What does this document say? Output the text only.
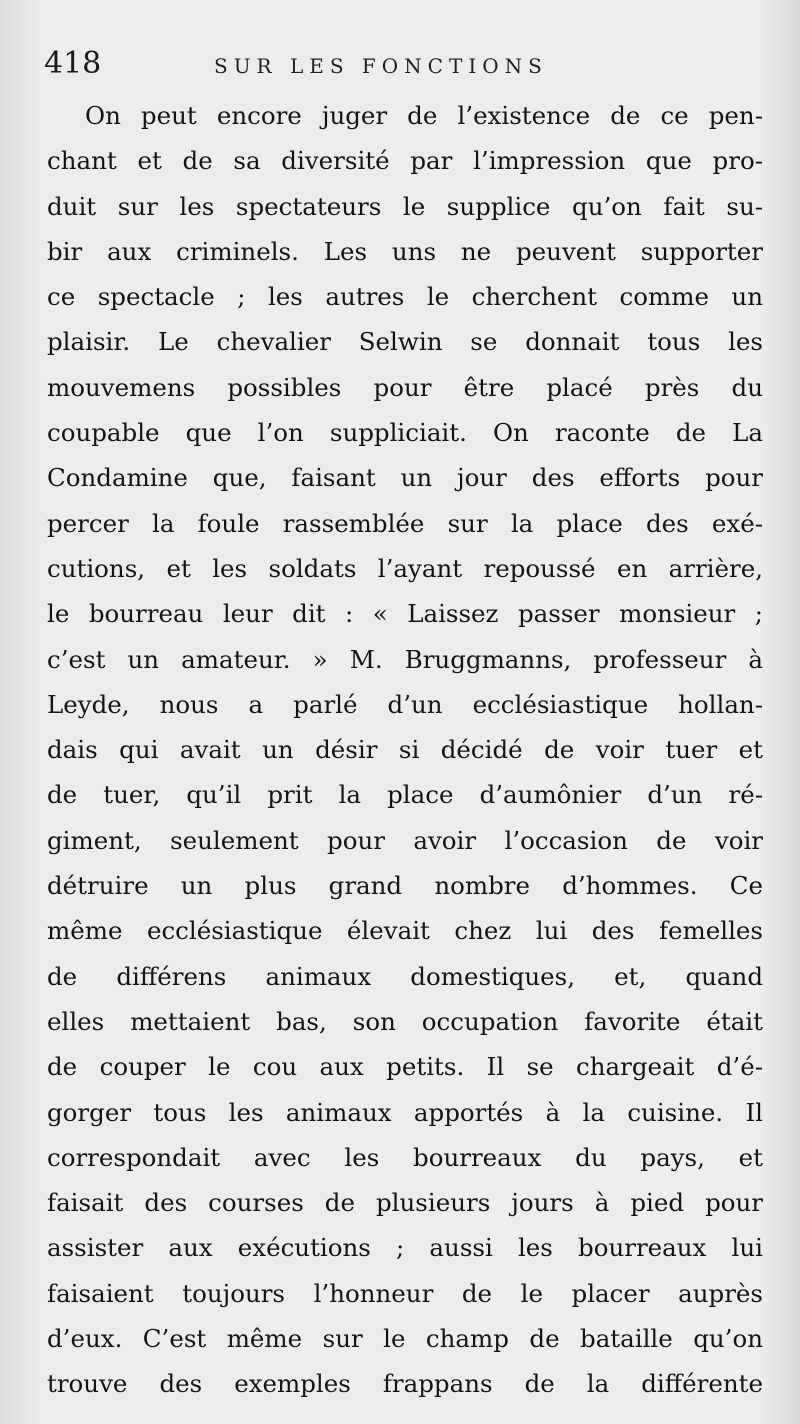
418	SUR LES FONCTIONS
On peut encore juger de l’existence de ce pen-
chant et de sa diversité par l’impression que pro-
duit sur les spectateurs le supplice qu’on fait su-
bir aux criminels. Les uns ne peuvent supporter
ce spectacle ; les autres le cherchent comme un
plaisir. Le chevalier Selwin se donnait tous les
mouvemens possibles pour être placé près du
coupable que l’on suppliciait. On raconte de La
Condamine que, faisant un jour des efforts pour
percer la foule rassemblée sur la place des exé-
cutions, et les soldats l’ayant repoussé en arrière,
le bourreau leur dit : « Laissez passer monsieur ;
c’est un amateur. » M. Bruggmanns, professeur à
Leyde, nous a parlé d’un ecclésiastique hollan-
dais qui avait un désir si décidé de voir tuer et
de tuer, qu’il prit la place d’aumônier d’un ré-
giment, seulement pour avoir l’occasion de voir
détruire un plus grand nombre d’hommes. Ce
même ecclésiastique élevait chez lui des femelles
de différens animaux domestiques, et, quand
elles mettaient bas, son occupation favorite était
de couper le cou aux petits. Il se chargeait d’é-
gorger tous les animaux apportés à la cuisine. Il
correspondait avec les bourreaux du pays, et
faisait des courses de plusieurs jours à pied pour
assister aux exécutions ; aussi les bourreaux lui
faisaient toujours l’honneur de le placer auprès
d’eux. C’est même sur le champ de bataille qu’on
trouve des exemples frappans de la différente
